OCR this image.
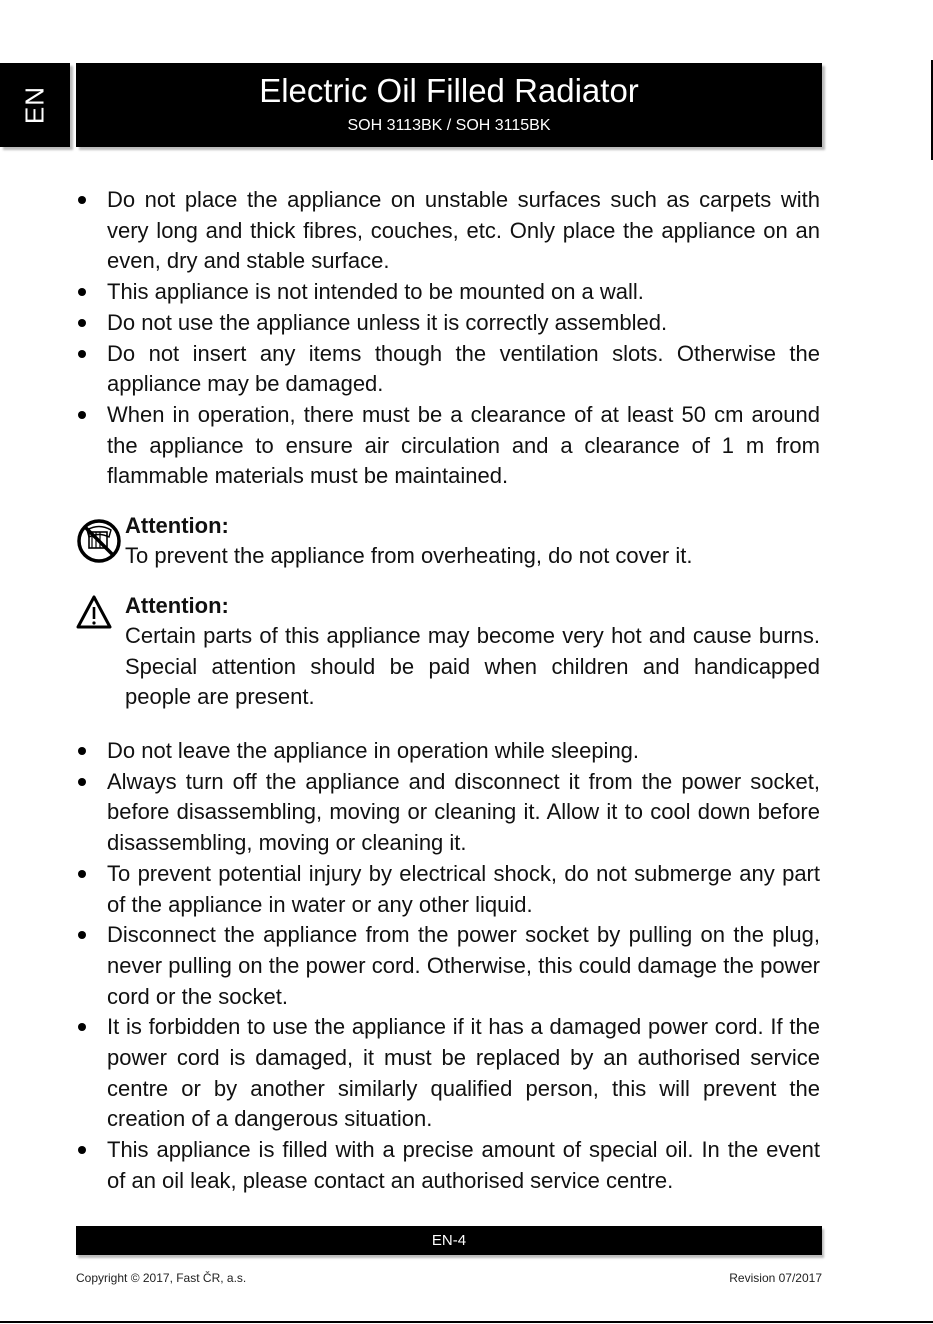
EN	Electric Oil Filled Radiator
SOH 3113BK / SOH 3115BK
Do not place the appliance on unstable surfaces such as carpets with very long and thick fibres, couches, etc. Only place the appliance on an even, dry and stable surface.
This appliance is not intended to be mounted on a wall.
Do not use the appliance unless it is correctly assembled.
Do not insert any items though the ventilation slots. Otherwise the appliance may be damaged.
When in operation, there must be a clearance of at least 50 cm around the appliance to ensure air circulation and a clearance of 1 m from flammable materials must be maintained.
Attention:
To prevent the appliance from overheating, do not cover it.
Attention:
Certain parts of this appliance may become very hot and cause burns. Special attention should be paid when children and handicapped people are present.
Do not leave the appliance in operation while sleeping.
Always turn off the appliance and disconnect it from the power socket, before disassembling, moving or cleaning it. Allow it to cool down before disassembling, moving or cleaning it.
To prevent potential injury by electrical shock, do not submerge any part of the appliance in water or any other liquid.
Disconnect the appliance from the power socket by pulling on the plug, never pulling on the power cord. Otherwise, this could damage the power cord or the socket.
It is forbidden to use the appliance if it has a damaged power cord. If the power cord is damaged, it must be replaced by an authorised service centre or by another similarly qualified person, this will prevent the creation of a dangerous situation.
This appliance is filled with a precise amount of special oil. In the event of an oil leak, please contact an authorised service centre.
EN-4
Copyright © 2017, Fast ČR, a.s.	Revision 07/2017
